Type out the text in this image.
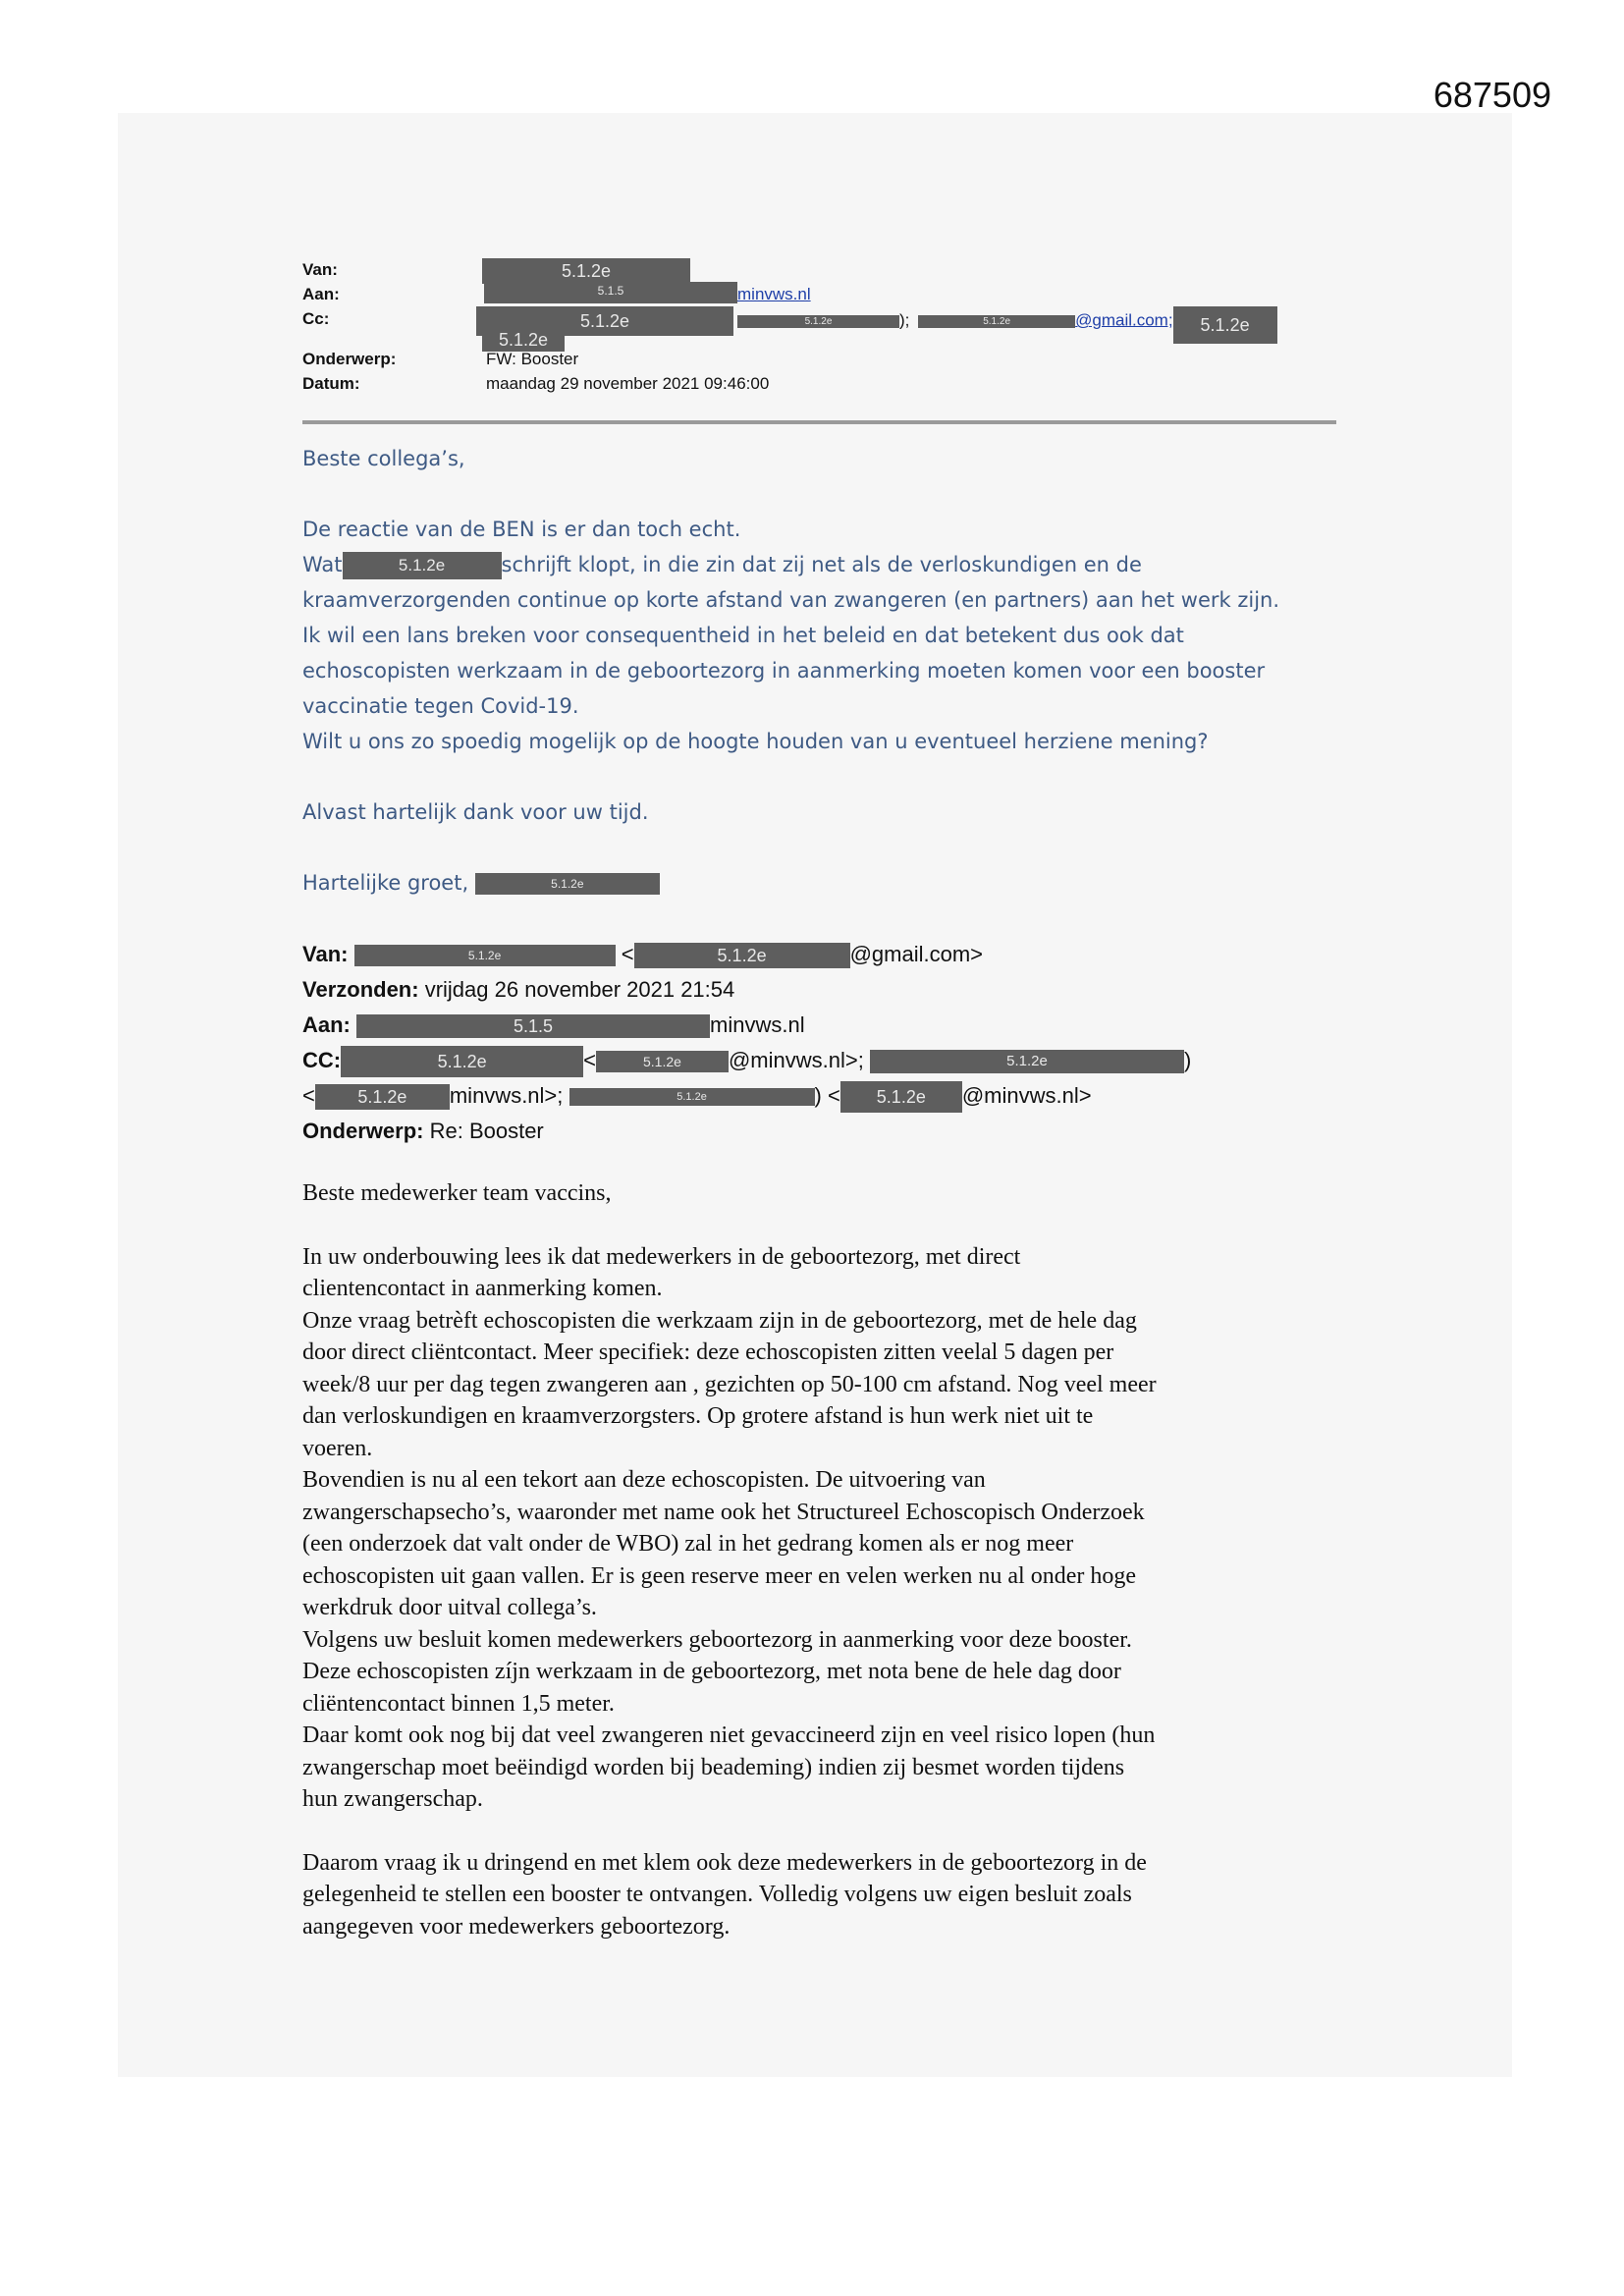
687509
Van:	5.1.2e
Aan:	5.1.5	minvws.nl
Cc:	5.1.2e	5.1.2e	);	5.1.2e	@gmail.com; 5.1.2e
5.1.2e
Onderwerp:	FW: Booster
Datum:	maandag 29 november 2021 09:46:00

Beste collega’s,

De reactie van de BEN is er dan toch echt.

Wat	5.1.2e	schrijft klopt, in die zin dat zij net als de verloskundigen en de

kraamverzorgenden continue op korte afstand van zwangeren (en partners) aan het werk zijn.

Ik wil een lans breken voor consequentheid in het beleid en dat betekent dus ook dat

echoscopisten werkzaam in de geboortezorg in aanmerking moeten komen voor een booster

vaccinatie tegen Covid-19.

Wilt u ons zo spoedig mogelijk op de hoogte houden van u eventueel herziene mening?

Alvast hartelijk dank voor uw tijd.

Hartelijke groet,	5.1.2e

Van:	5.1.2e	<	5.1.2e	@gmail.com>
Verzonden: vrijdag 26 november 2021 21:54
Aan:	5.1.5	minvws.nl
CC:	5.1.2e	<	5.1.2e @minvws.nl>;	5.1.2e	)
< 5.1.2e minvws.nl>;	5.1.2e	) < 5.1.2e @minvws.nl>
Onderwerp: Re: Booster

Beste medewerker team vaccins,

In uw onderbouwing lees ik dat medewerkers in de geboortezorg, met direct

clientencontact in aanmerking komen.

Onze vraag betrèft echoscopisten die werkzaam zijn in de geboortezorg, met de hele dag

door direct cliëntcontact. Meer specifiek: deze echoscopisten zitten veelal 5 dagen per

week/8 uur per dag tegen zwangeren aan , gezichten op 50-100 cm afstand. Nog veel meer

dan verloskundigen en kraamverzorgsters. Op grotere afstand is hun werk niet uit te

voeren.

Bovendien is nu al een tekort aan deze echoscopisten. De uitvoering van

zwangerschapsecho’s, waaronder met name ook het Structureel Echoscopisch Onderzoek

(een onderzoek dat valt onder de WBO) zal in het gedrang komen als er nog meer

echoscopisten uit gaan vallen. Er is geen reserve meer en velen werken nu al onder hoge

werkdruk door uitval collega’s.

Volgens uw besluit komen medewerkers geboortezorg in aanmerking voor deze booster.

Deze echoscopisten zíjn werkzaam in de geboortezorg, met nota bene de hele dag door

cliëntencontact binnen 1,5 meter.

Daar komt ook nog bij dat veel zwangeren niet gevaccineerd zijn en veel risico lopen (hun

zwangerschap moet beëindigd worden bij beademing) indien zij besmet worden tijdens

hun zwangerschap.

Daarom vraag ik u dringend en met klem ook deze medewerkers in de geboortezorg in de

gelegenheid te stellen een booster te ontvangen. Volledig volgens uw eigen besluit zoals

aangegeven voor medewerkers geboortezorg.
